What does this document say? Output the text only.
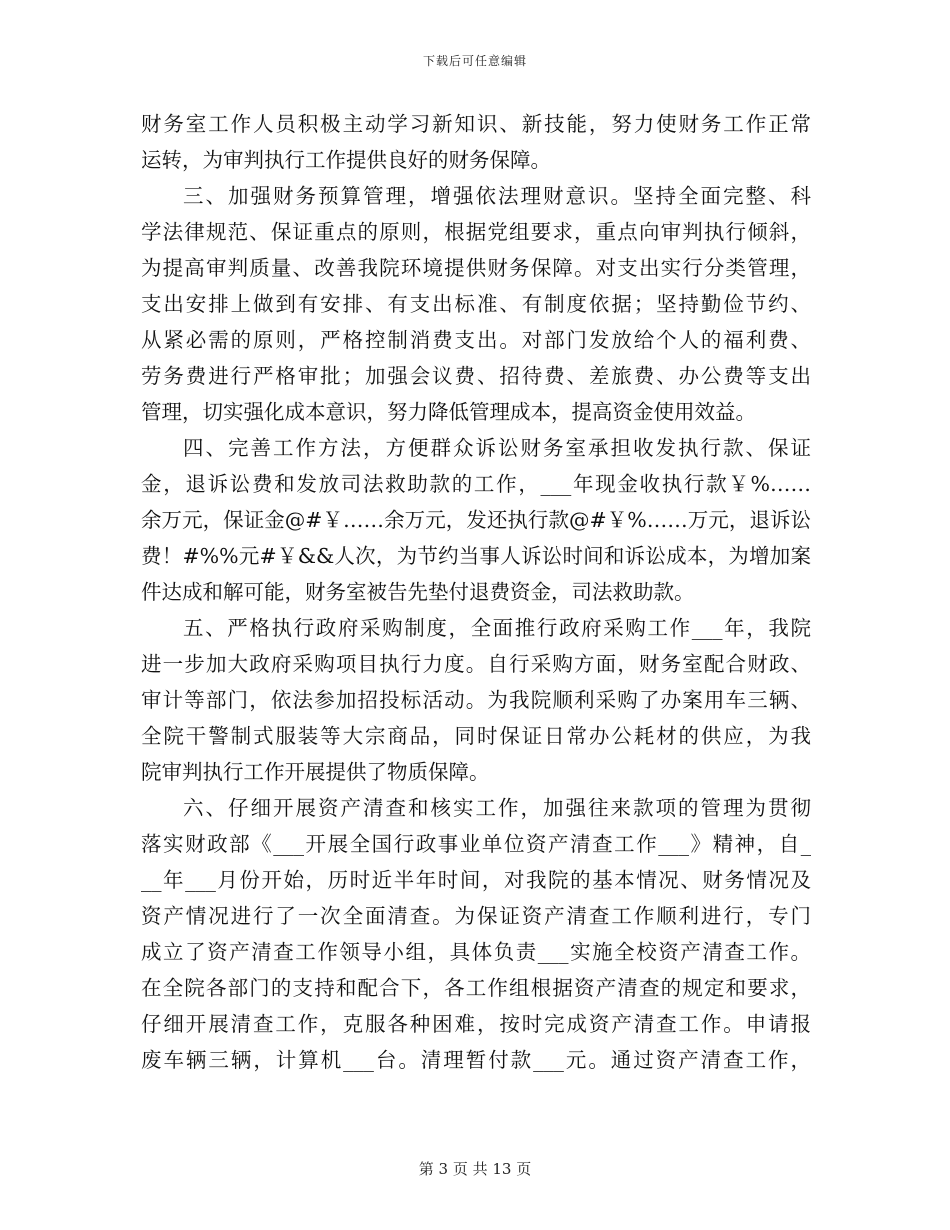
下载后可任意编辑
财务室工作人员积极主动学习新知识、新技能，努力使财务工作正常
运转，为审判执行工作提供良好的财务保障。
三、加强财务预算管理，增强依法理财意识。坚持全面完整、科
学法律规范、保证重点的原则，根据党组要求，重点向审判执行倾斜，
为提高审判质量、改善我院环境提供财务保障。对支出实行分类管理，
支出安排上做到有安排、有支出标准、有制度依据；坚持勤俭节约、
从紧必需的原则，严格控制消费支出。对部门发放给个人的福利费、
劳务费进行严格审批；加强会议费、招待费、差旅费、办公费等支出
管理，切实强化成本意识，努力降低管理成本，提高资金使用效益。
四、完善工作方法，方便群众诉讼财务室承担收发执行款、保证
金，退诉讼费和发放司法救助款的工作，___年现金收执行款￥%……
余万元，保证金@#￥……余万元，发还执行款@#￥%……万元，退诉讼
费！#%%元#￥&&人次，为节约当事人诉讼时间和诉讼成本，为增加案
件达成和解可能，财务室被告先垫付退费资金，司法救助款。
五、严格执行政府采购制度，全面推行政府采购工作___年，我院
进一步加大政府采购项目执行力度。自行采购方面，财务室配合财政、
审计等部门，依法参加招投标活动。为我院顺利采购了办案用车三辆、
全院干警制式服装等大宗商品，同时保证日常办公耗材的供应，为我
院审判执行工作开展提供了物质保障。
六、仔细开展资产清查和核实工作，加强往来款项的管理为贯彻
落实财政部《___开展全国行政事业单位资产清查工作___》精神，自_
__年___月份开始，历时近半年时间，对我院的基本情况、财务情况及
资产情况进行了一次全面清查。为保证资产清查工作顺利进行，专门
成立了资产清查工作领导小组，具体负责___实施全校资产清查工作。
在全院各部门的支持和配合下，各工作组根据资产清查的规定和要求，
仔细开展清查工作，克服各种困难，按时完成资产清查工作。申请报
废车辆三辆，计算机___台。清理暂付款___元。通过资产清查工作，
第 3 页 共 13 页
